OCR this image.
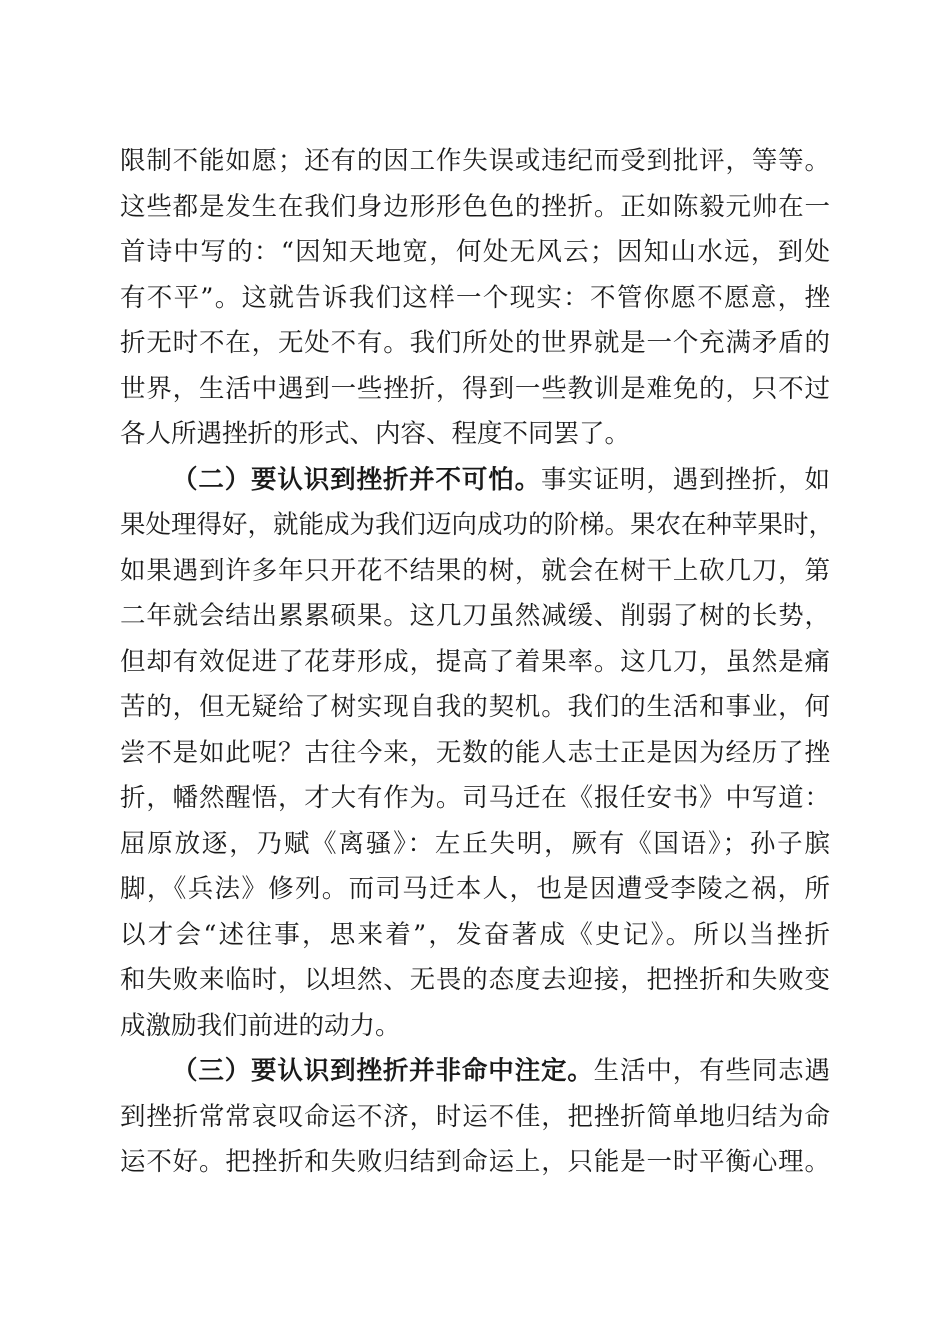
限制不能如愿；还有的因工作失误或违纪而受到批评，等等。
这些都是发生在我们身边形形色色的挫折。正如陈毅元帅在一
首诗中写的：“因知天地宽，何处无风云；因知山水远，到处
有不平”。这就告诉我们这样一个现实：不管你愿不愿意，挫
折无时不在，无处不有。我们所处的世界就是一个充满矛盾的
世界，生活中遇到一些挫折，得到一些教训是难免的，只不过
各人所遇挫折的形式、内容、程度不同罢了。
（二）要认识到挫折并不可怕。事实证明，遇到挫折，如
果处理得好，就能成为我们迈向成功的阶梯。果农在种苹果时，
如果遇到许多年只开花不结果的树，就会在树干上砍几刀，第
二年就会结出累累硕果。这几刀虽然减缓、削弱了树的长势，
但却有效促进了花芽形成，提高了着果率。这几刀，虽然是痛
苦的，但无疑给了树实现自我的契机。我们的生活和事业，何
尝不是如此呢？古往今来，无数的能人志士正是因为经历了挫
折，幡然醒悟，才大有作为。司马迁在《报任安书》中写道：
屈原放逐，乃赋《离骚》：左丘失明，厥有《国语》；孙子膑
脚，《兵法》修列。而司马迁本人，也是因遭受李陵之祸，所
以才会“述往事，思来着”，发奋著成《史记》。所以当挫折
和失败来临时，以坦然、无畏的态度去迎接，把挫折和失败变
成激励我们前进的动力。
（三）要认识到挫折并非命中注定。生活中，有些同志遇
到挫折常常哀叹命运不济，时运不佳，把挫折简单地归结为命
运不好。把挫折和失败归结到命运上，只能是一时平衡心理。
